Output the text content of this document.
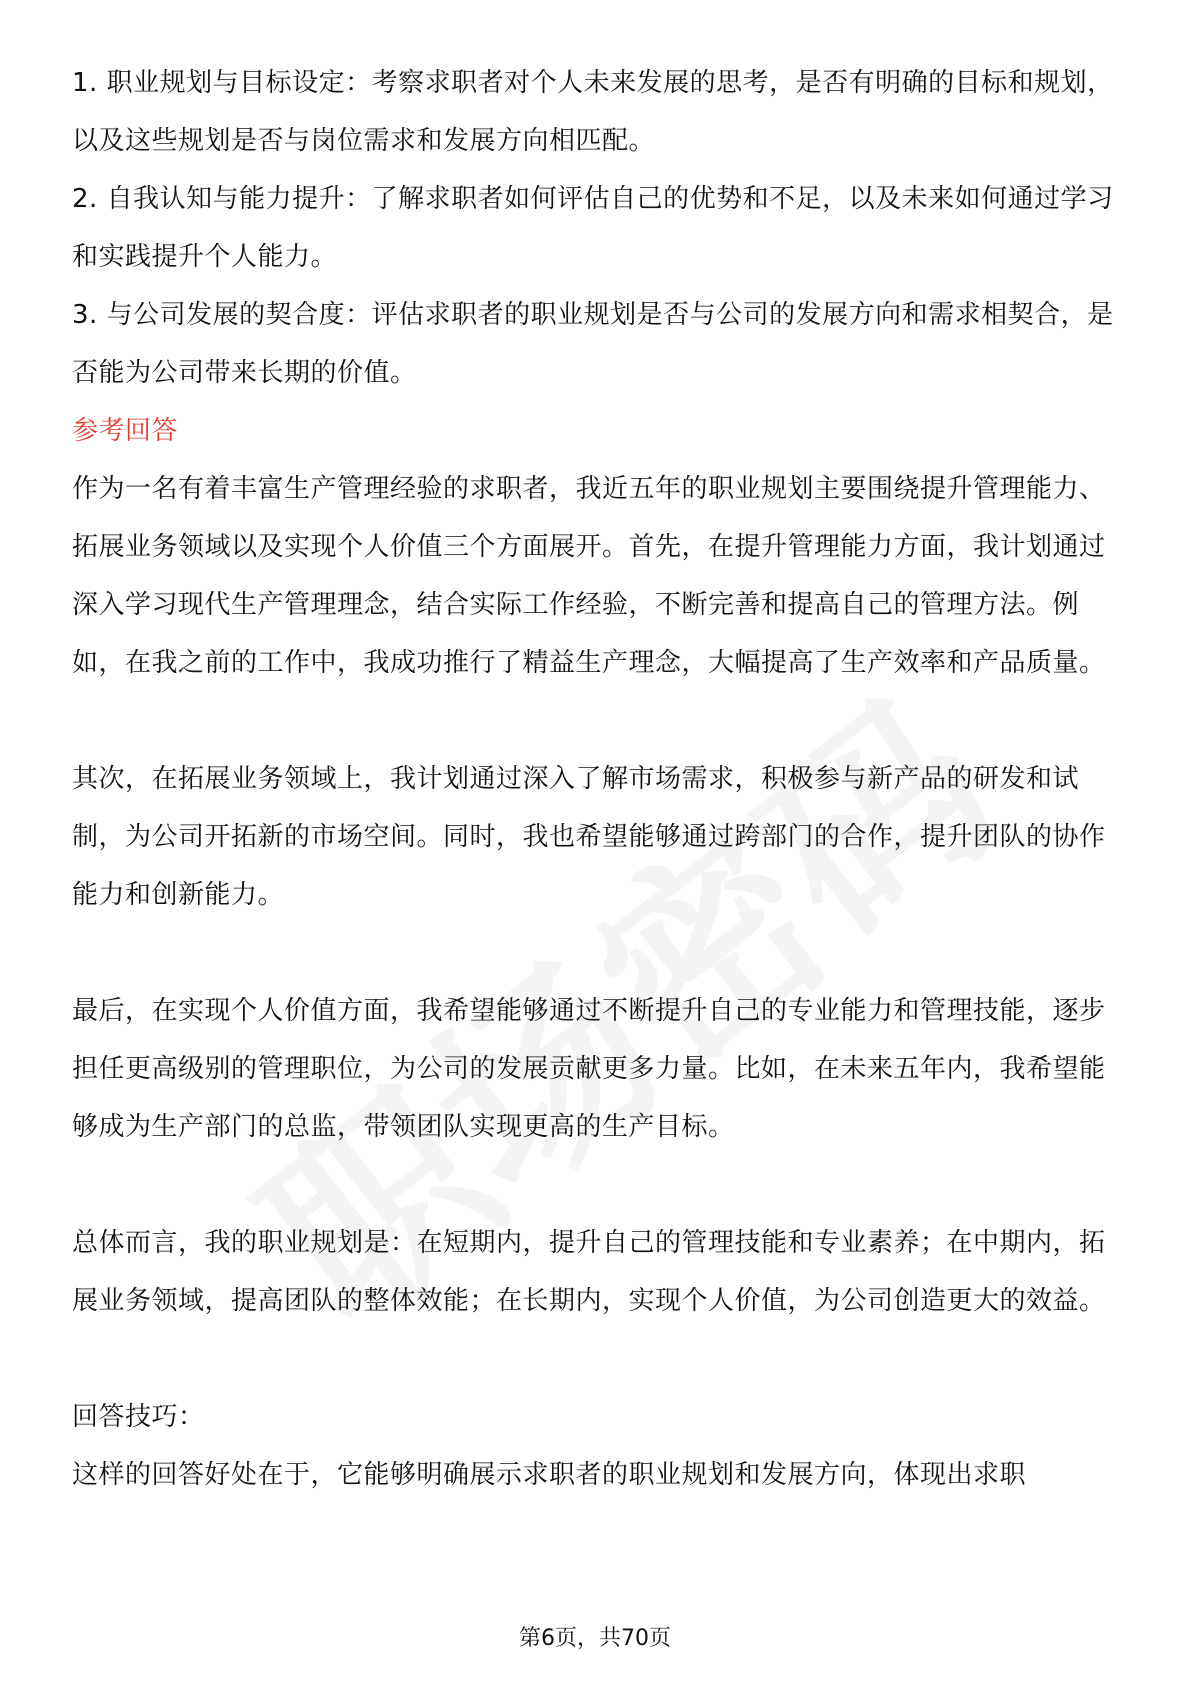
1. 职业规划与目标设定：考察求职者对个人未来发展的思考，是否有明确的目标和规划，以及这些规划是否与岗位需求和发展方向相匹配。

2. 自我认知与能力提升：了解求职者如何评估自己的优势和不足，以及未来如何通过学习和实践提升个人能力。

3. 与公司发展的契合度：评估求职者的职业规划是否与公司的发展方向和需求相契合，是否能为公司带来长期的价值。

参考回答

作为一名有着丰富生产管理经验的求职者，我近五年的职业规划主要围绕提升管理能力、拓展业务领域以及实现个人价值三个方面展开。首先，在提升管理能力方面，我计划通过深入学习现代生产管理理念，结合实际工作经验，不断完善和提高自己的管理方法。例如，在我之前的工作中，我成功推行了精益生产理念，大幅提高了生产效率和产品质量。

其次，在拓展业务领域上，我计划通过深入了解市场需求，积极参与新产品的研发和试制，为公司开拓新的市场空间。同时，我也希望能够通过跨部门的合作，提升团队的协作能力和创新能力。

最后，在实现个人价值方面，我希望能够通过不断提升自己的专业能力和管理技能，逐步担任更高级别的管理职位，为公司的发展贡献更多力量。比如，在未来五年内，我希望能够成为生产部门的总监，带领团队实现更高的生产目标。

总体而言，我的职业规划是：在短期内，提升自己的管理技能和专业素养；在中期内，拓展业务领域，提高团队的整体效能；在长期内，实现个人价值，为公司创造更大的效益。

回答技巧：

这样的回答好处在于，它能够明确展示求职者的职业规划和发展方向，体现出求职

第6页，共70页
